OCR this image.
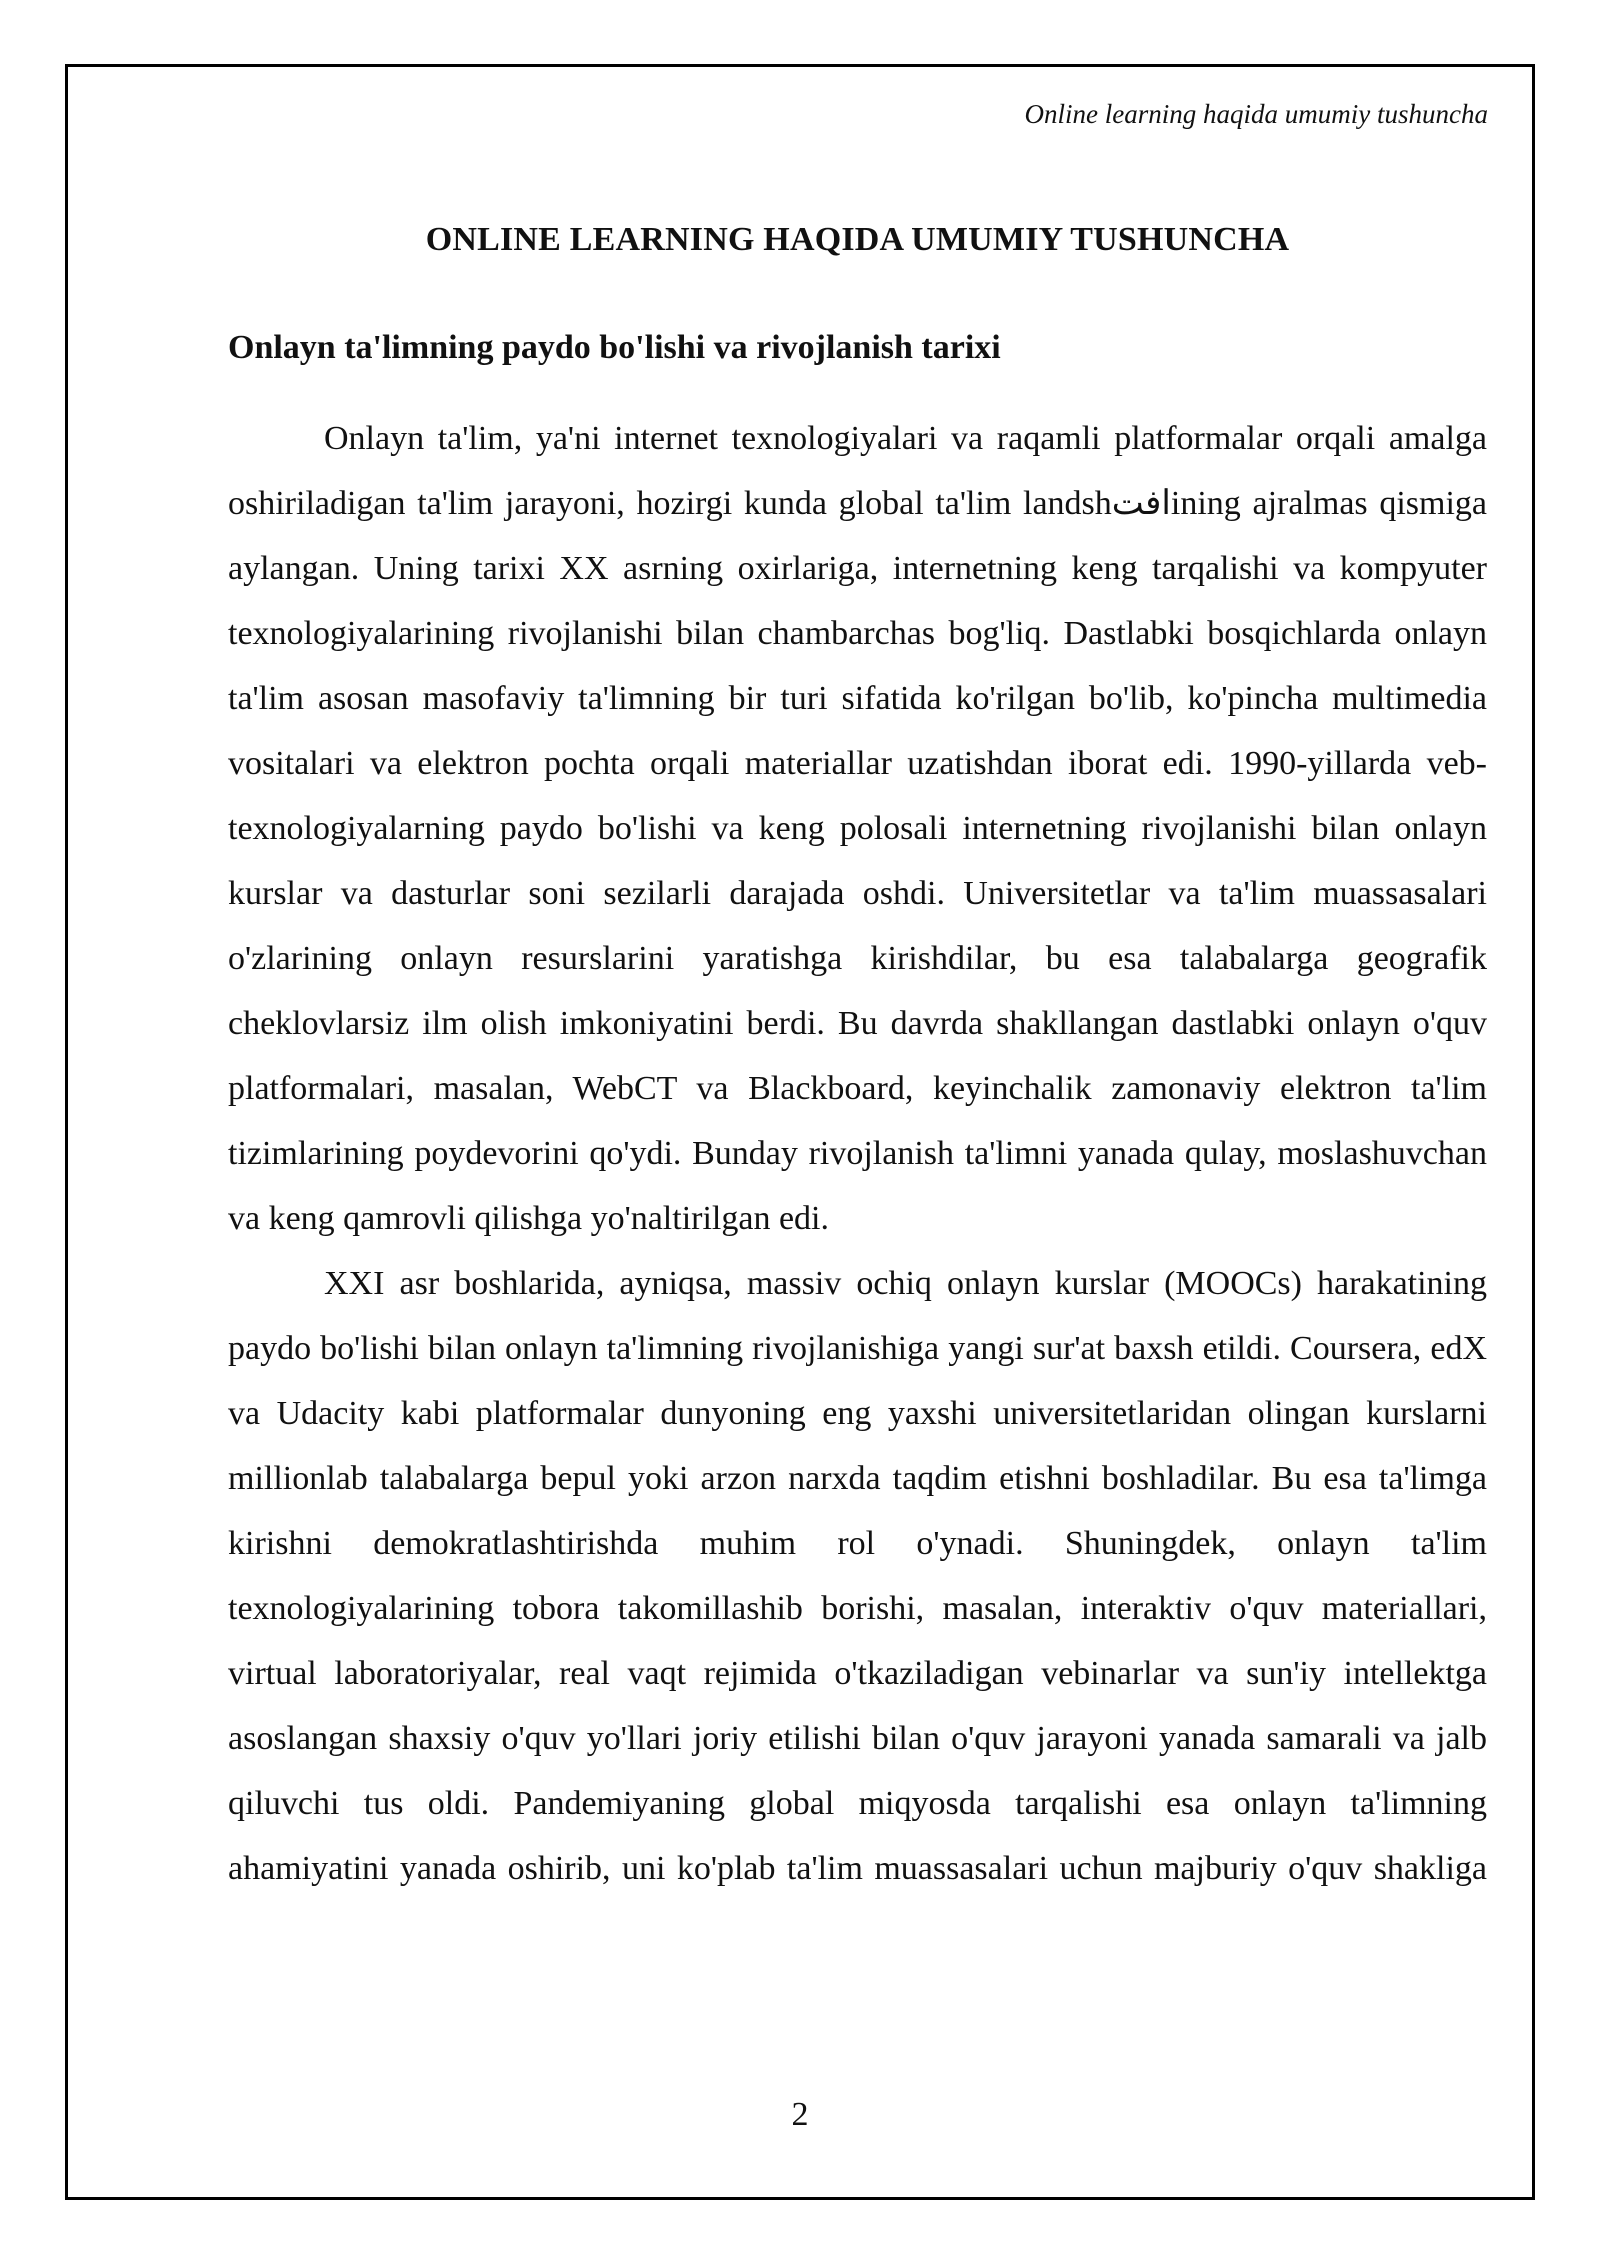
Online learning haqida umumiy tushuncha
ONLINE LEARNING HAQIDA UMUMIY TUSHUNCHA
Onlayn ta'limning paydo bo'lishi va rivojlanish tarixi

Onlayn ta'lim, ya'ni internet texnologiyalari va raqamli platformalar orqali amalga oshiriladigan ta'lim jarayoni, hozirgi kunda global ta'lim landshافتining ajralmas qismiga aylangan. Uning tarixi XX asrning oxirlariga, internetning keng tarqalishi va kompyuter texnologiyalarining rivojlanishi bilan chambarchas bog'liq. Dastlabki bosqichlarda onlayn ta'lim asosan masofaviy ta'limning bir turi sifatida ko'rilgan bo'lib, ko'pincha multimedia vositalari va elektron pochta orqali materiallar uzatishdan iborat edi. 1990-yillarda veb-texnologiyalarning paydo bo'lishi va keng polosali internetning rivojlanishi bilan onlayn kurslar va dasturlar soni sezilarli darajada oshdi. Universitetlar va ta'lim muassasalari o'zlarining onlayn resurslarini yaratishga kirishdilar, bu esa talabalarga geografik cheklovlarsiz ilm olish imkoniyatini berdi. Bu davrda shakllangan dastlabki onlayn o'quv platformalari, masalan, WebCT va Blackboard, keyinchalik zamonaviy elektron ta'lim tizimlarining poydevorini qo'ydi. Bunday rivojlanish ta'limni yanada qulay, moslashuvchan va keng qamrovli qilishga yo'naltirilgan edi.

XXI asr boshlarida, ayniqsa, massiv ochiq onlayn kurslar (MOOCs) harakatining paydo bo'lishi bilan onlayn ta'limning rivojlanishiga yangi sur'at baxsh etildi. Coursera, edX va Udacity kabi platformalar dunyoning eng yaxshi universitetlaridan olingan kurslarni millionlab talabalarga bepul yoki arzon narxda taqdim etishni boshladilar. Bu esa ta'limga kirishni demokratlashtirishda muhim rol o'ynadi. Shuningdek, onlayn ta'lim texnologiyalarining tobora takomillashib borishi, masalan, interaktiv o'quv materiallari, virtual laboratoriyalar, real vaqt rejimida o'tkaziladigan vebinarlar va sun'iy intellektga asoslangan shaxsiy o'quv yo'llari joriy etilishi bilan o'quv jarayoni yanada samarali va jalb qiluvchi tus oldi. Pandemiyaning global miqyosda tarqalishi esa onlayn ta'limning ahamiyatini yanada oshirib, uni ko'plab ta'lim muassasalari uchun majburiy o'quv shakliga

2
